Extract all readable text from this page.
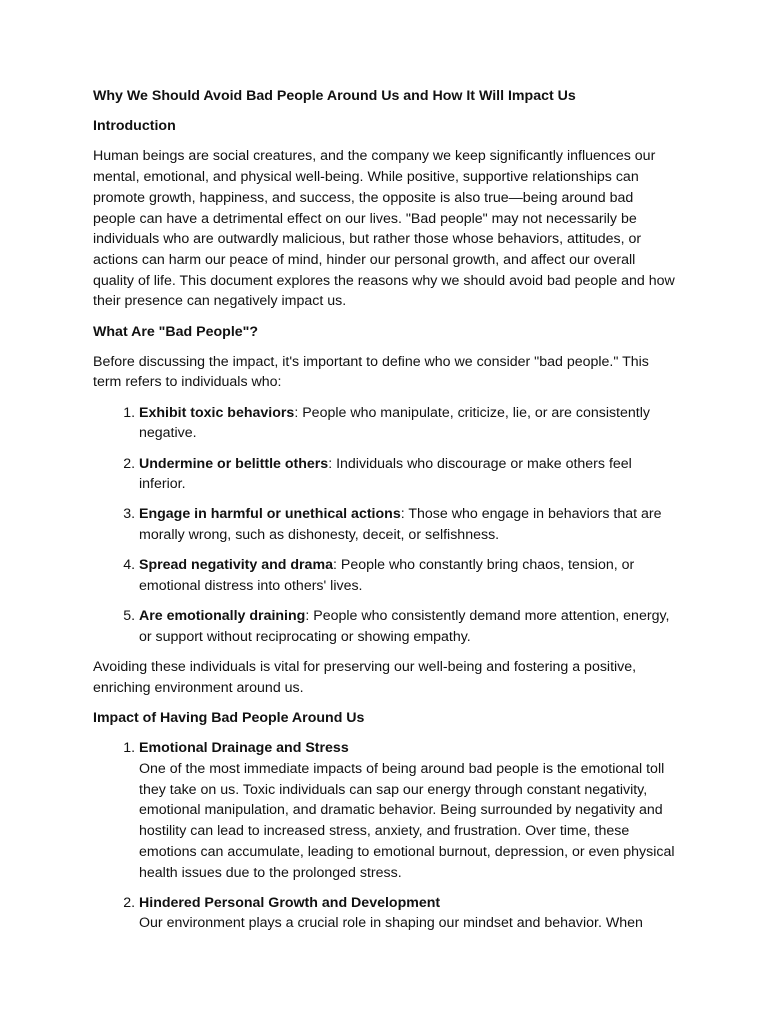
Why We Should Avoid Bad People Around Us and How It Will Impact Us
Introduction
Human beings are social creatures, and the company we keep significantly influences our mental, emotional, and physical well-being. While positive, supportive relationships can promote growth, happiness, and success, the opposite is also true—being around bad people can have a detrimental effect on our lives. "Bad people" may not necessarily be individuals who are outwardly malicious, but rather those whose behaviors, attitudes, or actions can harm our peace of mind, hinder our personal growth, and affect our overall quality of life. This document explores the reasons why we should avoid bad people and how their presence can negatively impact us.
What Are "Bad People"?
Before discussing the impact, it's important to define who we consider "bad people." This term refers to individuals who:
1. Exhibit toxic behaviors: People who manipulate, criticize, lie, or are consistently negative.
2. Undermine or belittle others: Individuals who discourage or make others feel inferior.
3. Engage in harmful or unethical actions: Those who engage in behaviors that are morally wrong, such as dishonesty, deceit, or selfishness.
4. Spread negativity and drama: People who constantly bring chaos, tension, or emotional distress into others' lives.
5. Are emotionally draining: People who consistently demand more attention, energy, or support without reciprocating or showing empathy.
Avoiding these individuals is vital for preserving our well-being and fostering a positive, enriching environment around us.
Impact of Having Bad People Around Us
1. Emotional Drainage and Stress
One of the most immediate impacts of being around bad people is the emotional toll they take on us. Toxic individuals can sap our energy through constant negativity, emotional manipulation, and dramatic behavior. Being surrounded by negativity and hostility can lead to increased stress, anxiety, and frustration. Over time, these emotions can accumulate, leading to emotional burnout, depression, or even physical health issues due to the prolonged stress.
2. Hindered Personal Growth and Development
Our environment plays a crucial role in shaping our mindset and behavior. When
